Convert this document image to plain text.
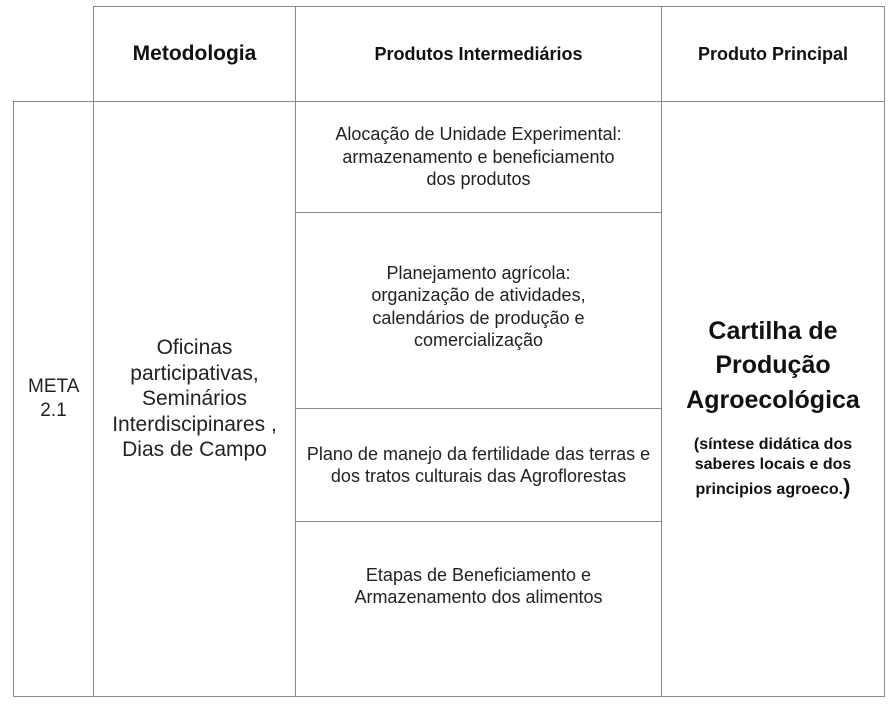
Metodologia	Produtos Intermediários	Produto Principal
META 2.1
Oficinas participativas, Seminários Interdiscipinares , Dias de Campo
Alocação de Unidade Experimental: armazenamento e beneficiamento dos produtos
Planejamento agrícola: organização de atividades, calendários de produção e comercialização
Plano de manejo da fertilidade das terras e dos tratos culturais das Agroflorestas
Etapas de Beneficiamento e Armazenamento dos alimentos
Cartilha de Produção Agroecológica
(síntese didática dos saberes locais e dos principios agroeco.)
